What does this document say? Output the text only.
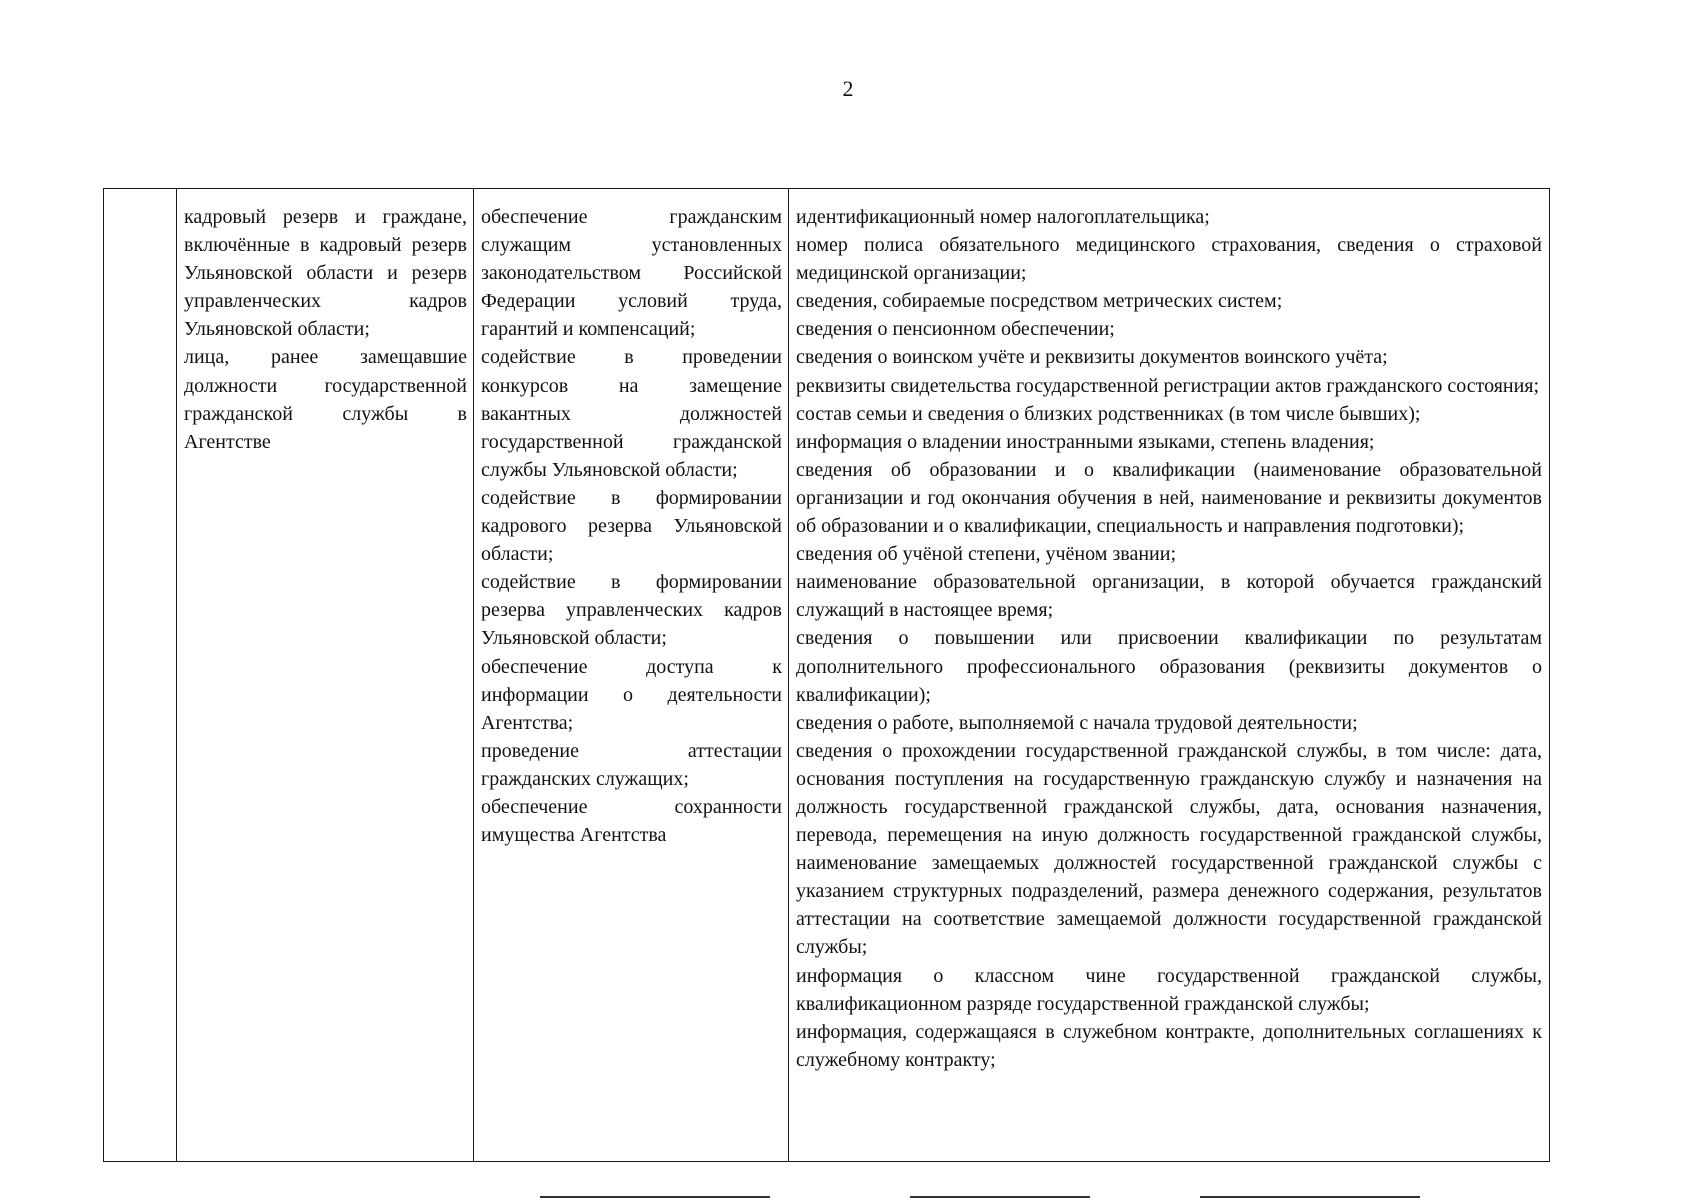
2

кадровый резерв и граждане, включённые в кадровый резерв Ульяновской области и резерв управленческих кадров Ульяновской области;

лица, ранее замещавшие должности государственной гражданской службы в Агентстве

обеспечение гражданским служащим установленных законодательством Российской Федерации условий труда, гарантий и компенсаций;

содействие в проведении конкурсов на замещение вакантных должностей государственной гражданской службы Ульяновской области;

содействие в формировании кадрового резерва Ульяновской области;

содействие в формировании резерва управленческих кадров Ульяновской области;

обеспечение доступа к информации о деятельности Агентства;

проведение аттестации гражданских служащих;

обеспечение сохранности имущества Агентства

идентификационный номер налогоплательщика;

номер полиса обязательного медицинского страхования, сведения о страховой медицинской организации;

сведения, собираемые посредством метрических систем;

сведения о пенсионном обеспечении;

сведения о воинском учёте и реквизиты документов воинского учёта;

реквизиты свидетельства государственной регистрации актов гражданского состояния;

состав семьи и сведения о близких родственниках (в том числе бывших);

информация о владении иностранными языками, степень владения;

сведения об образовании и о квалификации (наименование образовательной организации и год окончания обучения в ней, наименование и реквизиты документов об образовании и о квалификации, специальность и направления подготовки);

сведения об учёной степени, учёном звании;

наименование образовательной организации, в которой обучается гражданский служащий в настоящее время;

сведения о повышении или присвоении квалификации по результатам дополнительного профессионального образования (реквизиты документов о квалификации);

сведения о работе, выполняемой с начала трудовой деятельности;

сведения о прохождении государственной гражданской службы, в том числе: дата, основания поступления на государственную гражданскую службу и назначения на должность государственной гражданской службы, дата, основания назначения, перевода, перемещения на иную должность государственной гражданской службы, наименование замещаемых должностей государственной гражданской службы с указанием структурных подразделений, размера денежного содержания, результатов аттестации на соответствие замещаемой должности государственной гражданской службы;

информация о классном чине государственной гражданской службы, квалификационном разряде государственной гражданской службы;

информация, содержащаяся в служебном контракте, дополнительных соглашениях к служебному контракту;
